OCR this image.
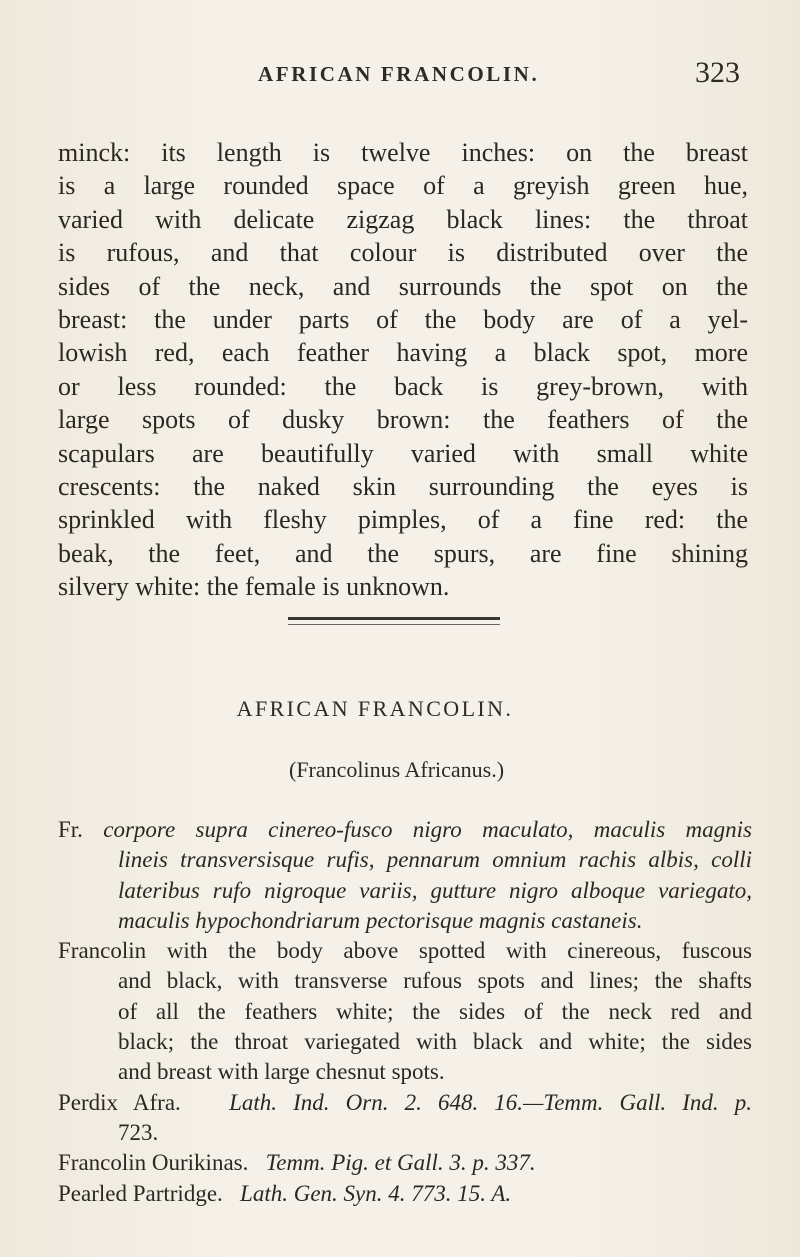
AFRICAN FRANCOLIN.	323
minck: its length is twelve inches: on the breast
is a large rounded space of a greyish green hue,
varied with delicate zigzag black lines: the throat
is rufous, and that colour is distributed over the
sides of the neck, and surrounds the spot on the
breast: the under parts of the body are of a yel-
lowish red, each feather having a black spot, more
or less rounded: the back is grey-brown, with
large spots of dusky brown: the feathers of the
scapulars are beautifully varied with small white
crescents: the naked skin surrounding the eyes is
sprinkled with fleshy pimples, of a fine red: the
beak, the feet, and the spurs, are fine shining
silvery white: the female is unknown.
AFRICAN FRANCOLIN.
(Francolinus Africanus.)
Fr. corpore supra cinereo-fusco nigro maculato, maculis magnis
lineis transversisque rufis, pennarum omnium rachis albis, colli
lateribus rufo nigroque variis, gutture nigro alboque variegato,
maculis hypochondriarum pectorisque magnis castaneis.
Francolin with the body above spotted with cinereous, fuscous
and black, with transverse rufous spots and lines; the shafts
of all the feathers white; the sides of the neck red and
black; the throat variegated with black and white; the sides
and breast with large chesnut spots.
Perdix Afra. Lath. Ind. Orn. 2. 648. 16.—Temm. Gall. Ind. p.
723.
Francolin Ourikinas. Temm. Pig. et Gall. 3. p. 337.
Pearled Partridge. Lath. Gen. Syn. 4. 773. 15. A.
